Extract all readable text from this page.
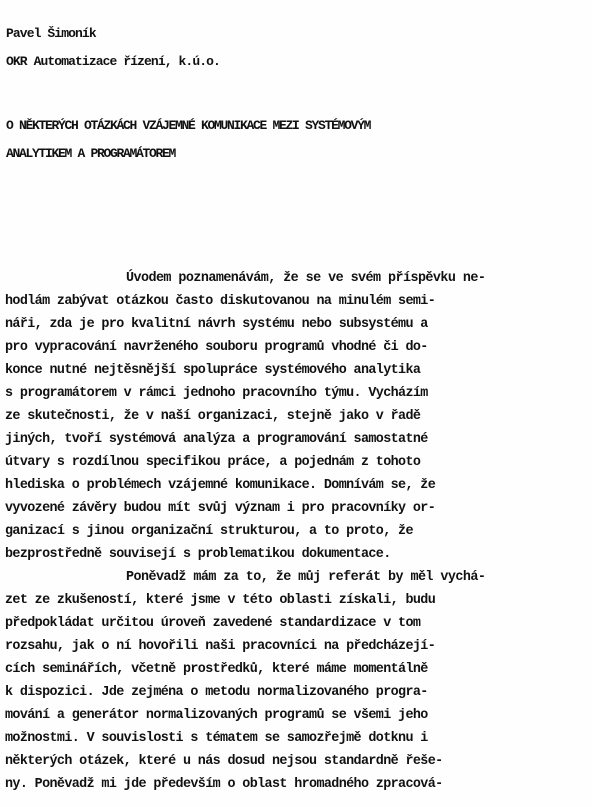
Pavel Šimoník
OKR Automatizace řízení, k.ú.o.
O NĚKTERÝCH OTÁZKÁCH VZÁJEMNÉ KOMUNIKACE MEZI SYSTÉMOVÝM
ANALYTIKEM A PROGRAMÁTOREM
Úvodem poznamenávám, že se ve svém příspěvku ne-
hodlám zabývat otázkou často diskutovanou na minulém semi-
náři, zda je pro kvalitní návrh systému nebo subsystému a
pro vypracování navrženého souboru programů vhodné či do-
konce nutné nejtěsnější spolupráce systémového analytika
s programátorem v rámci jednoho pracovního týmu. Vycházím
ze skutečnosti, že v naší organizaci, stejně jako v řadě
jiných, tvoří systémová analýza a programování samostatné
útvary s rozdílnou specifikou práce, a pojednám z tohoto
hlediska o problémech vzájemné komunikace. Domnívám se, že
vyvozené závěry budou mít svůj význam i pro pracovníky or-
ganizací s jinou organizační strukturou, a to proto, že
bezprostředně souvisejí s problematikou dokumentace.
Poněvadž mám za to, že můj referát by měl vychá-
zet ze zkušeností, které jsme v této oblasti získali, budu
předpokládat určitou úroveň zavedené standardizace v tom
rozsahu, jak o ní hovořili naši pracovníci na předcházejí-
cích seminářích, včetně prostředků, které máme momentálně
k dispozici. Jde zejména o metodu normalizovaného progra-
mování a generátor normalizovaných programů se všemi jeho
možnostmi. V souvislosti s tématem se samozřejmě dotknu i
některých otázek, které u nás dosud nejsou standardně řeše-
ny. Poněvadž mi jde především o oblast hromadného zpracová-
